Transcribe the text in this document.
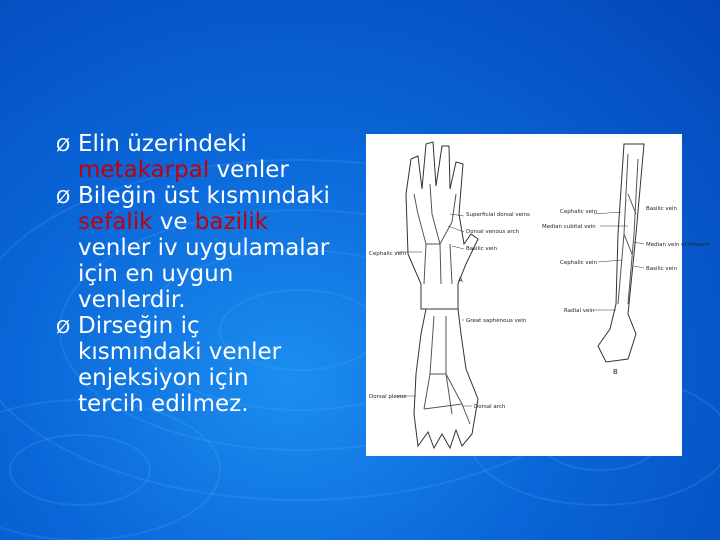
Ø Elin üzerindeki
metakarpal venler
Ø Bileğin üst kısmındaki
sefalik ve bazilik
venler iv uygulamalar
için en uygun
venlerdir.
Ø Dirseğin iç
kısmındaki venler
enjeksiyon için
tercih edilmez.
Superficial dorsal veins
Dorsal venous arch
Basilic vein
Cephalic vein
A
Cephalic vein	Basilic vein
Median cubital vein
Median vein of forearm
Cephalic vein
Basilic vein
Radial vein
B
Great saphenous vein
Dorsal plexus
Dorsal arch
